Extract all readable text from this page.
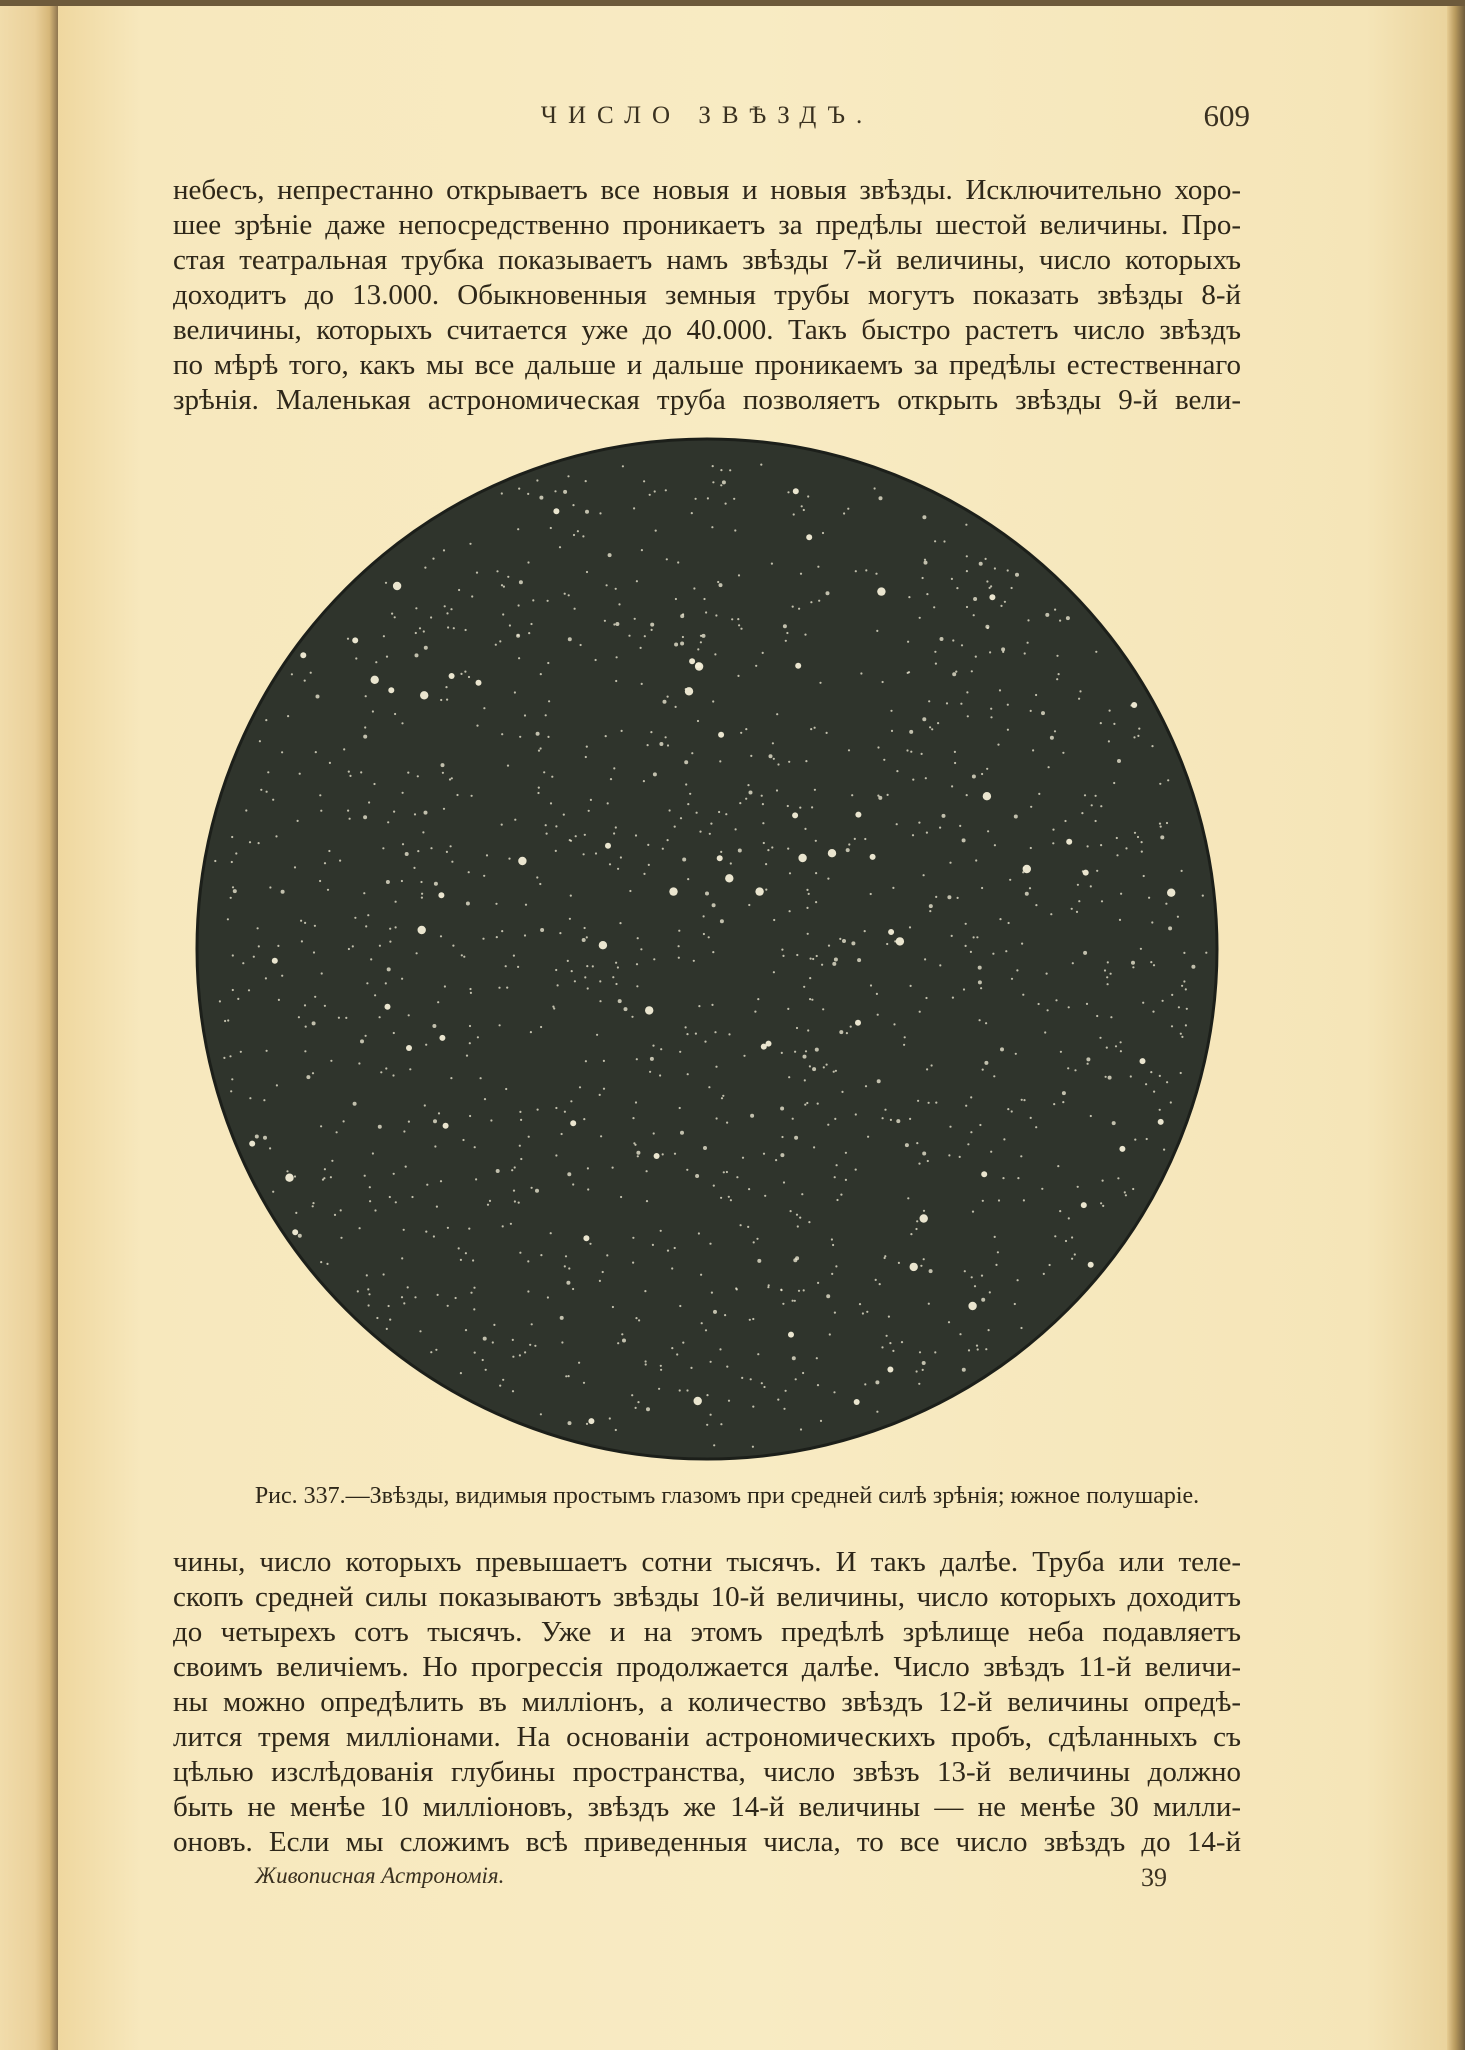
ЧИСЛО ЗВѢЗДЪ.	609
небесъ, непрестанно открываетъ все новыя и новыя звѣзды. Исключительно хоро-
шее зрѣніе даже непосредственно проникаетъ за предѣлы шестой величины. Про-
стая театральная трубка показываетъ намъ звѣзды 7-й величины, число которыхъ
доходитъ до 13.000. Обыкновенныя земныя трубы могутъ показать звѣзды 8-й
величины, которыхъ считается уже до 40.000. Такъ быстро растетъ число звѣздъ
по мѣрѣ того, какъ мы все дальше и дальше проникаемъ за предѣлы естественнаго
зрѣнія. Маленькая астрономическая труба позволяетъ открыть звѣзды 9-й вели-
Рис. 337.—Звѣзды, видимыя простымъ глазомъ при средней силѣ зрѣнія; южное полушаріе.
чины, число которыхъ превышаетъ сотни тысячъ. И такъ далѣе. Труба или теле-
скопъ средней силы показываютъ звѣзды 10-й величины, число которыхъ доходитъ
до четырехъ сотъ тысячъ. Уже и на этомъ предѣлѣ зрѣлище неба подавляетъ
своимъ величіемъ. Но прогрессія продолжается далѣе. Число звѣздъ 11-й величи-
ны можно опредѣлить въ милліонъ, а количество звѣздъ 12-й величины опредѣ-
лится тремя милліонами. На основаніи астрономическихъ пробъ, сдѣланныхъ съ
цѣлью изслѣдованія глубины пространства, число звѣзъ 13-й величины должно
быть не менѣе 10 милліоновъ, звѣздъ же 14-й величины — не менѣе 30 милли-
оновъ. Если мы сложимъ всѣ приведенныя числа, то все число звѣздъ до 14-й
Живописная Астрономія.	39
